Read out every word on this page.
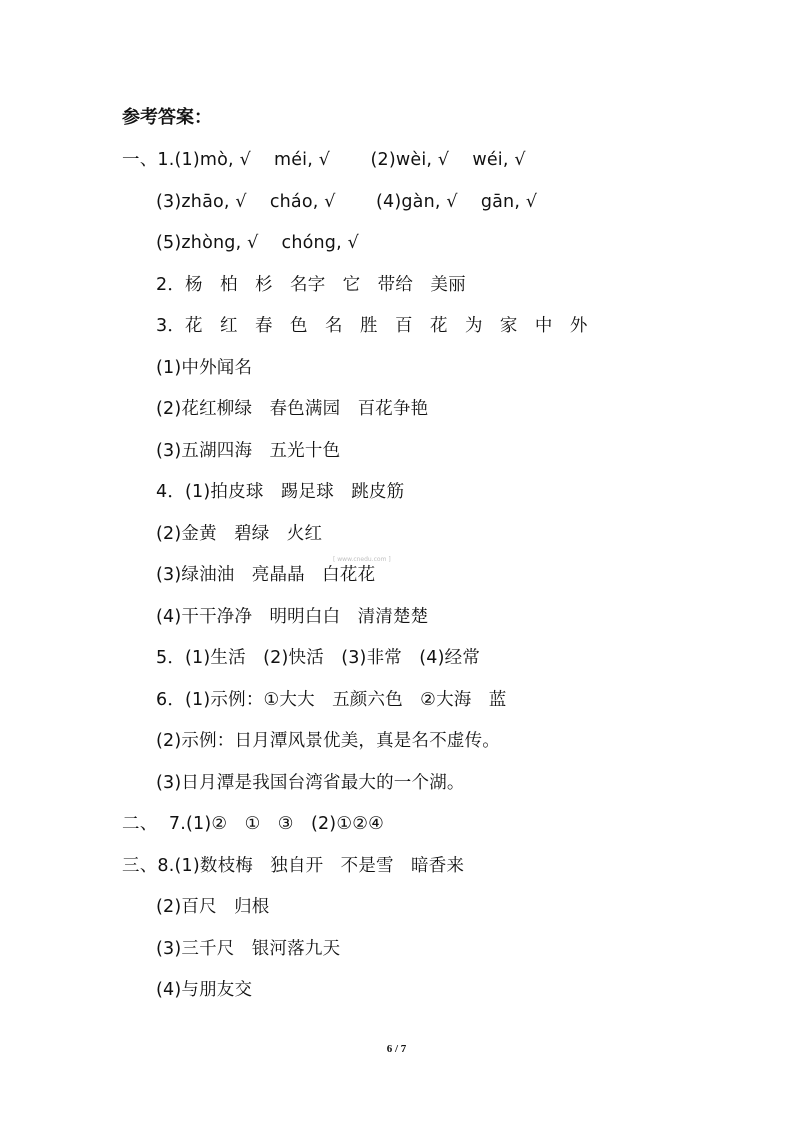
参考答案：
一、1.(1)mò, √    méi, √       (2)wèi, √    wéi, √
(3)zhāo, √    cháo, √       (4)gàn, √    gān, √
(5)zhòng, √    chóng, √
2．杨   柏   杉   名字   它   带给   美丽
3．花   红   春   色   名   胜   百   花   为   家   中   外
(1)中外闻名
(2)花红柳绿   春色满园   百花争艳
(3)五湖四海   五光十色
4．(1)拍皮球   踢足球   跳皮筋
(2)金黄   碧绿   火红
(3)绿油油   亮晶晶   白花花
(4)干干净净   明明白白   清清楚楚
5．(1)生活   (2)快活   (3)非常   (4)经常
6．(1)示例：①大大   五颜六色   ②大海   蓝
(2)示例：日月潭风景优美，真是名不虚传。
(3)日月潭是我国台湾省最大的一个湖。
二、  7.(1)②   ①   ③   (2)①②④
三、8.(1)数枝梅   独自开   不是雪   暗香来
(2)百尺   归根
(3)三千尺   银河落九天
(4)与朋友交
[ www.cnedu.com ]
6 / 7
